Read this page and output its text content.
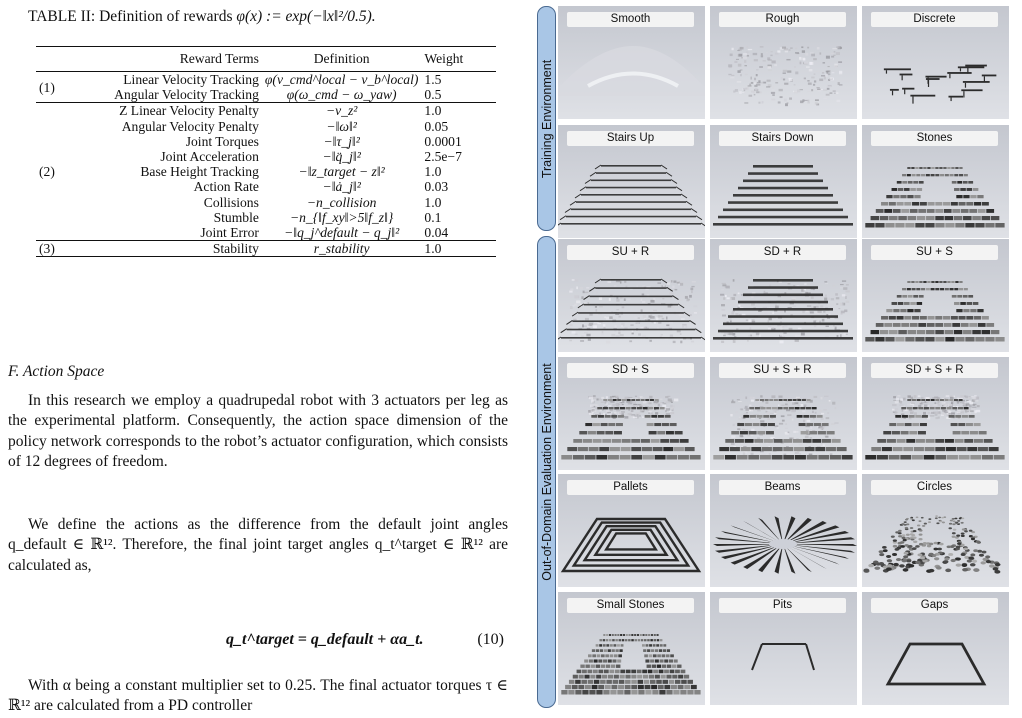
TABLE II: Definition of rewards φ(x) := exp(−‖x‖²/0.5).
	Reward Terms	Definition	Weight
(1)	Linear Velocity Tracking	φ(v_cmd^local − v_b^local)	1.5
	Angular Velocity Tracking	φ(ω_cmd − ω_yaw)	0.5
(2)	Z Linear Velocity Penalty	−v_z²	1.0
	Angular Velocity Penalty	−‖ω‖²	0.05
	Joint Torques	−‖τ_j‖²	0.0001
	Joint Acceleration	−‖q̈_j‖²	2.5e−7
	Base Height Tracking	−‖z_target − z‖²	1.0
	Action Rate	−‖ȧ_j‖²	0.03
	Collisions	−n_collision	1.0
	Stumble	−n_{‖f_xy‖>5‖f_z‖}	0.1
	Joint Error	−‖q_j^default − q_j‖²	0.04
(3)	Stability	r_stability	1.0
F. Action Space

In this research we employ a quadrupedal robot with 3 actuators per leg as the experimental platform. Consequently, the action space dimension of the policy network corresponds to the robot’s actuator configuration, which consists of 12 degrees of freedom.

We define the actions as the difference from the default joint angles q_default ∈ ℝ¹². Therefore, the final joint target angles q_t^target ∈ ℝ¹² are calculated as,

q_t^target = q_default + αa_t.	(10)

With α being a constant multiplier set to 0.25. The final actuator torques τ ∈ ℝ¹² are calculated from a PD controller

Training Environment
Out-of-Domain Evaluation Environment
Smooth	Rough	Discrete
Stairs Up	Stairs Down	Stones
SU + R	SD + R	SU + S
SD + S	SU + S + R	SD + S + R
Pallets	Beams	Circles
Small Stones	Pits	Gaps
